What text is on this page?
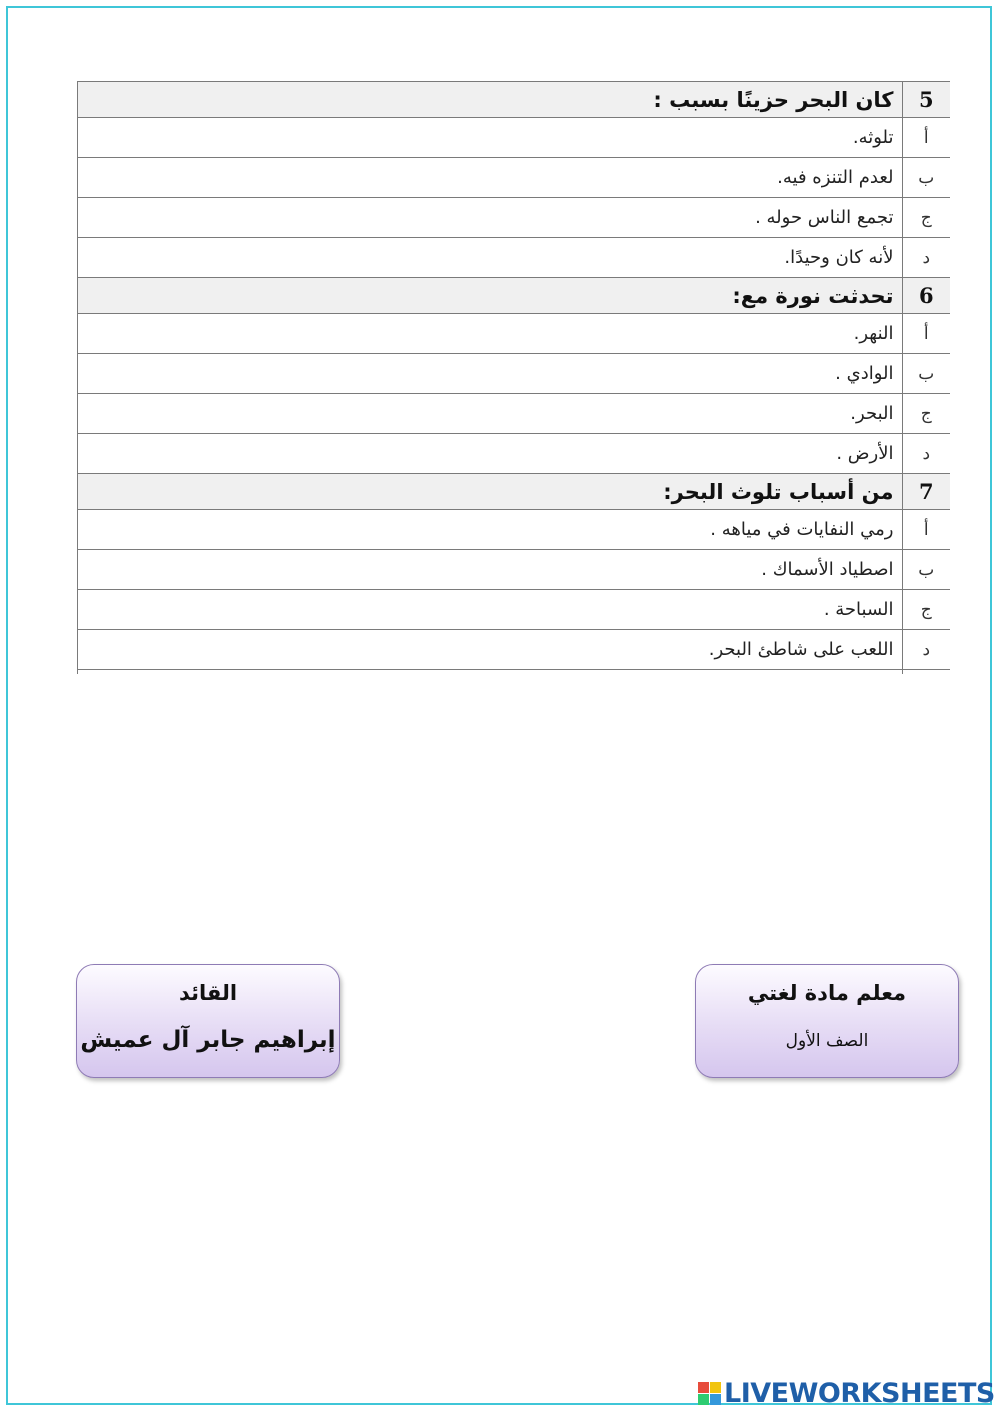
5	كان البحر حزينًا بسبب :
أ	تلوثه.
ب	لعدم التنزه فيه.
ج	تجمع الناس حوله .
د	لأنه كان وحيدًا.
6	تحدثت نورة مع:
أ	النهر.
ب	الوادي .
ج	البحر.
د	الأرض .
7	من أسباب تلوث البحر:
أ	رمي النفايات في مياهه .
ب	اصطياد الأسماك .
ج	السباحة .
د	اللعب على شاطئ البحر.

القائد
إبراهيم جابر آل عميش
معلم مادة لغتي
الصف الأول
LIVEWORKSHEETS
